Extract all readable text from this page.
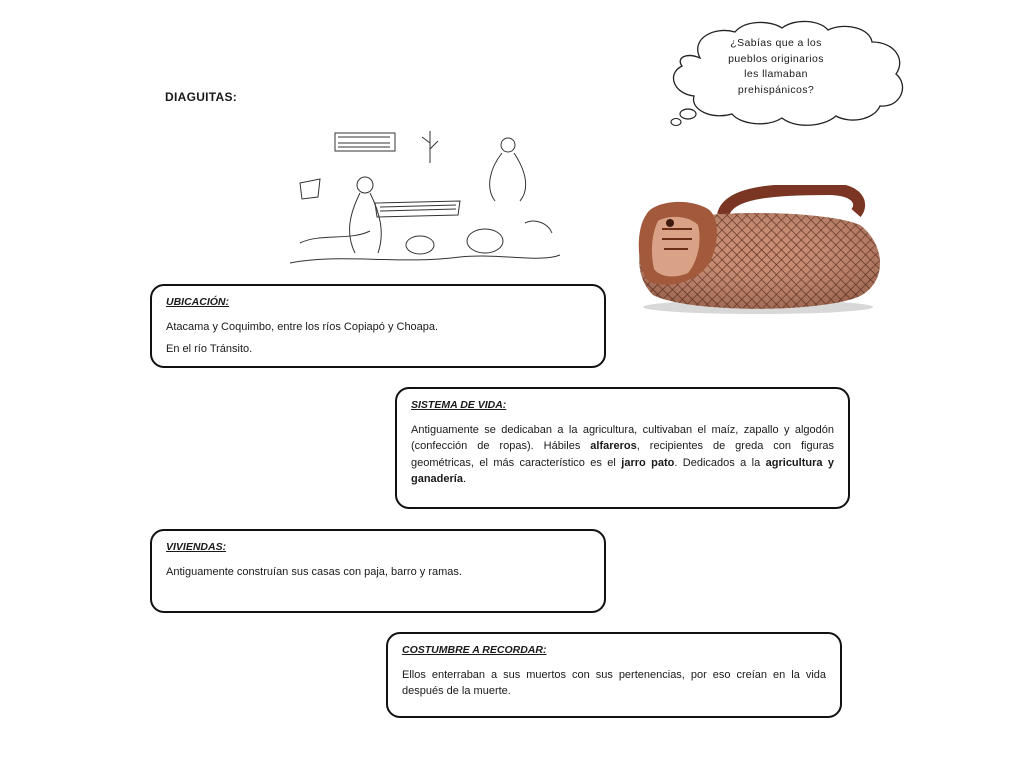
¿Sabías que a los
pueblos originarios
les llamaban
prehispánicos?
DIAGUITAS:
UBICACIÓN:

Atacama y Coquimbo, entre los ríos Copiapó y Choapa.

En el río Tránsito.

SISTEMA DE VIDA:

Antiguamente se dedicaban a la agricultura, cultivaban el maíz, zapallo y algodón (confección de ropas). Hábiles alfareros, recipientes de greda con figuras geométricas, el más característico es el jarro pato. Dedicados a la agricultura y ganadería.

VIVIENDAS:

Antiguamente construían sus casas con paja, barro y ramas.

COSTUMBRE A RECORDAR:

Ellos enterraban a sus muertos con sus pertenencias, por eso creían en la vida después de la muerte.
